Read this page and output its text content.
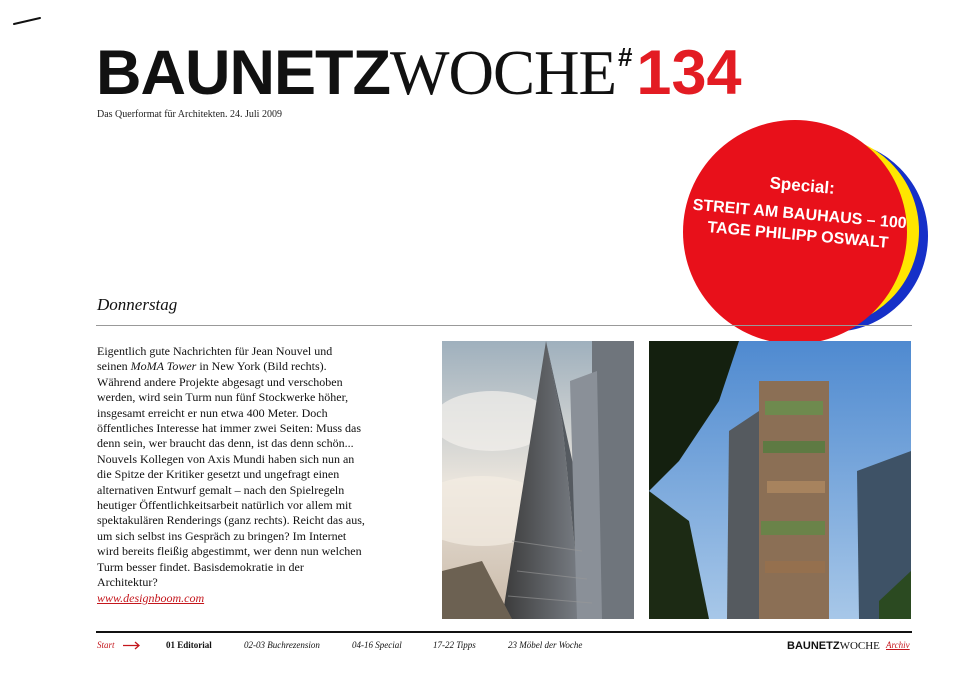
BAUNETZWOCHE#134
Das Querformat für Architekten. 24. Juli 2009
Special:
STREIT AM BAUHAUS – 100 TAGE PHILIPP OSWALT
Donnerstag
Eigentlich gute Nachrichten für Jean Nouvel und seinen MoMA Tower in New York (Bild rechts). Während andere Projekte abgesagt und verschoben werden, wird sein Turm nun fünf Stockwerke höher, insgesamt erreicht er nun etwa 400 Meter. Doch öffentliches Interesse hat immer zwei Seiten: Muss das denn sein, wer braucht das denn, ist das denn schön... Nouvels Kollegen von Axis Mundi haben sich nun an die Spitze der Kritiker gesetzt und ungefragt einen alternativen Entwurf gemalt – nach den Spielregeln heutiger Öffentlichkeitsarbeit natürlich vor allem mit spektakulären Renderings (ganz rechts). Reicht das aus, um sich selbst ins Gespräch zu bringen? Im Internet wird bereits fleißig abgestimmt, wer denn nun welchen Turm besser findet. Basisdemokratie in der Architektur?
www.designboom.com
Start	01 Editorial	02-03 Buchrezension	04-16 Special	17-22 Tipps	23 Möbel der Woche	BAUNETZWOCHE Archiv
